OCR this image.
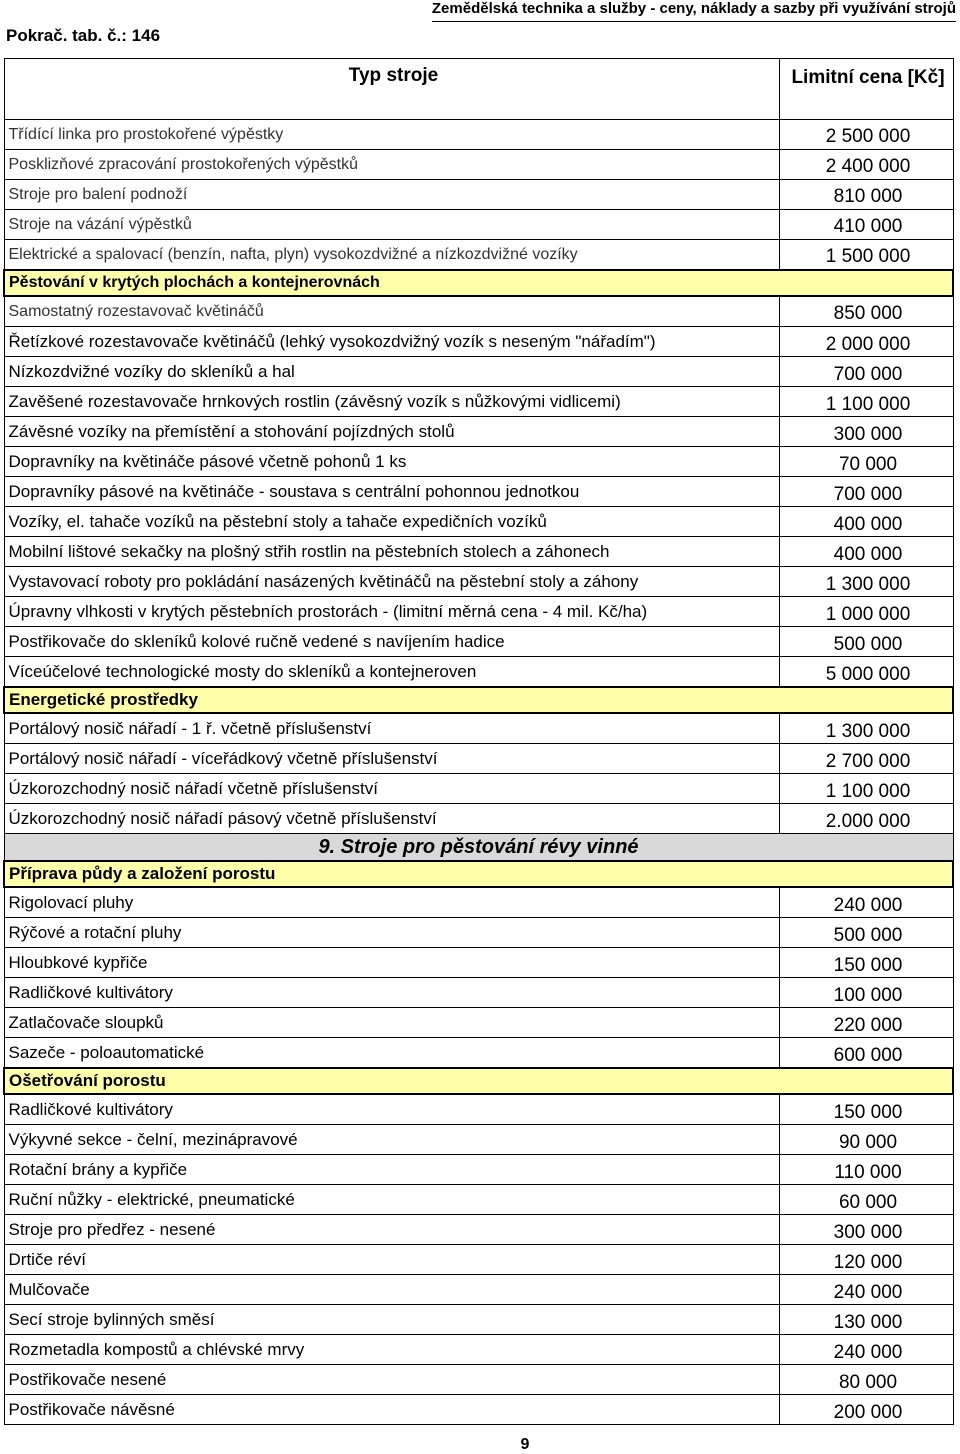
Pokrač. tab. č.: 146
Zemědělská technika a služby - ceny, náklady a sazby při využívání strojů
Typ stroje	Limitní cena [Kč]
Třídící linka pro prostokořené výpěstky	2 500 000
Posklizňové zpracování prostokořených výpěstků	2 400 000
Stroje pro balení podnoží	810 000
Stroje na vázání výpěstků	410 000
Elektrické a spalovací (benzín, nafta, plyn) vysokozdvižné a nízkozdvižné vozíky	1 500 000
Pěstování v krytých plochách a kontejnerovnách	
Samostatný rozestavovač květináčů	850 000
Řetízkové rozestavovače květináčů (lehký vysokozdvižný vozík s neseným "nářadím")	2 000 000
Nízkozdvižné vozíky do skleníků a hal	700 000
Zavěšené rozestavovače hrnkových rostlin (závěsný vozík s nůžkovými vidlicemi)	1 100 000
Závěsné vozíky na přemístění a stohování pojízdných stolů	300 000
Dopravníky na květináče pásové včetně pohonů 1 ks	70 000
Dopravníky pásové na květináče - soustava s centrální pohonnou jednotkou	700 000
Vozíky, el. tahače vozíků na pěstební stoly a tahače expedičních vozíků	400 000
Mobilní lištové sekačky na plošný střih rostlin na pěstebních stolech a záhonech	400 000
Vystavovací roboty pro pokládání nasázených květináčů na pěstební stoly a záhony	1 300 000
Úpravny vlhkosti v krytých pěstebních prostorách - (limitní měrná cena - 4 mil. Kč/ha)	1 000 000
Postřikovače do skleníků kolové ručně vedené s navíjením hadice	500 000
Víceúčelové technologické mosty do skleníků a kontejneroven	5 000 000
Energetické prostředky	
Portálový nosič nářadí - 1 ř. včetně příslušenství	1 300 000
Portálový nosič nářadí - víceřádkový včetně příslušenství	2 700 000
Úzkorozchodný nosič nářadí včetně příslušenství	1 100 000
Úzkorozchodný nosič nářadí pásový včetně příslušenství	2.000 000
9. Stroje pro pěstování révy vinné	
Příprava půdy a založení porostu	
Rigolovací pluhy	240 000
Rýčové a rotační pluhy	500 000
Hloubkové kypřiče	150 000
Radličkové kultivátory	100 000
Zatlačovače sloupků	220 000
Sazeče - poloautomatické	600 000
Ošetřování porostu	
Radličkové kultivátory	150 000
Výkyvné sekce - čelní, mezinápravové	90 000
Rotační brány a kypřiče	110 000
Ruční nůžky - elektrické, pneumatické	60 000
Stroje pro předřez - nesené	300 000
Drtiče réví	120 000
Mulčovače	240 000
Secí stroje bylinných směsí	130 000
Rozmetadla kompostů a chlévské mrvy	240 000
Postřikovače nesené	80 000
Postřikovače návěsné	200 000
9
